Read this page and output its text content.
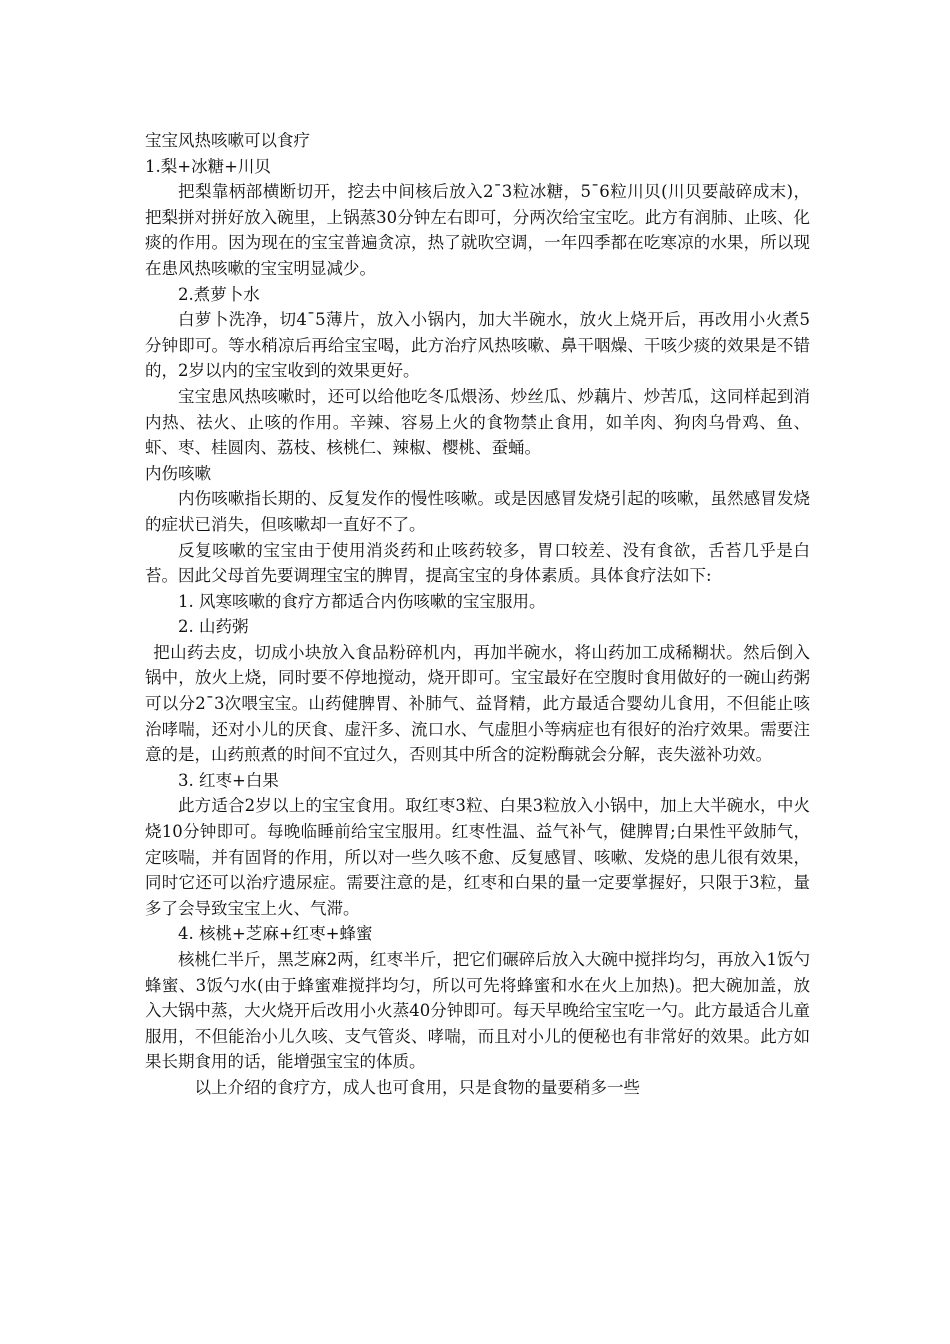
宝宝风热咳嗽可以食疗

1.梨+冰糖+川贝

把梨靠柄部横断切开，挖去中间核后放入2¯3粒冰糖，5¯6粒川贝(川贝要敲碎成末)，把梨拼对拼好放入碗里，上锅蒸30分钟左右即可，分两次给宝宝吃。此方有润肺、止咳、化痰的作用。因为现在的宝宝普遍贪凉，热了就吹空调，一年四季都在吃寒凉的水果，所以现在患风热咳嗽的宝宝明显减少。

2.煮萝卜水

白萝卜洗净，切4¯5薄片，放入小锅内，加大半碗水，放火上烧开后，再改用小火煮5分钟即可。等水稍凉后再给宝宝喝，此方治疗风热咳嗽、鼻干咽燥、干咳少痰的效果是不错的，2岁以内的宝宝收到的效果更好。

宝宝患风热咳嗽时，还可以给他吃冬瓜煨汤、炒丝瓜、炒藕片、炒苦瓜，这同样起到消内热、祛火、止咳的作用。辛辣、容易上火的食物禁止食用，如羊肉、狗肉乌骨鸡、鱼、虾、枣、桂圆肉、荔枝、核桃仁、辣椒、樱桃、蚕蛹。

内伤咳嗽

内伤咳嗽指长期的、反复发作的慢性咳嗽。或是因感冒发烧引起的咳嗽，虽然感冒发烧的症状已消失，但咳嗽却一直好不了。

反复咳嗽的宝宝由于使用消炎药和止咳药较多，胃口较差、没有食欲，舌苔几乎是白苔。因此父母首先要调理宝宝的脾胃，提高宝宝的身体素质。具体食疗法如下:

1. 风寒咳嗽的食疗方都适合内伤咳嗽的宝宝服用。

2. 山药粥

把山药去皮，切成小块放入食品粉碎机内，再加半碗水，将山药加工成稀糊状。然后倒入锅中，放火上烧，同时要不停地搅动，烧开即可。宝宝最好在空腹时食用做好的一碗山药粥可以分2¯3次喂宝宝。山药健脾胃、补肺气、益肾精，此方最适合婴幼儿食用，不但能止咳治哮喘，还对小儿的厌食、虚汗多、流口水、气虚胆小等病症也有很好的治疗效果。需要注意的是，山药煎煮的时间不宜过久，否则其中所含的淀粉酶就会分解，丧失滋补功效。

3. 红枣+白果

此方适合2岁以上的宝宝食用。取红枣3粒、白果3粒放入小锅中，加上大半碗水，中火烧10分钟即可。每晚临睡前给宝宝服用。红枣性温、益气补气，健脾胃;白果性平敛肺气，定咳喘，并有固肾的作用，所以对一些久咳不愈、反复感冒、咳嗽、发烧的患儿很有效果，同时它还可以治疗遗尿症。需要注意的是，红枣和白果的量一定要掌握好，只限于3粒，量多了会导致宝宝上火、气滞。

4. 核桃+芝麻+红枣+蜂蜜

核桃仁半斤，黑芝麻2两，红枣半斤，把它们碾碎后放入大碗中搅拌均匀，再放入1饭勺蜂蜜、3饭勺水(由于蜂蜜难搅拌均匀，所以可先将蜂蜜和水在火上加热)。把大碗加盖，放入大锅中蒸，大火烧开后改用小火蒸40分钟即可。每天早晚给宝宝吃一勺。此方最适合儿童服用，不但能治小儿久咳、支气管炎、哮喘，而且对小儿的便秘也有非常好的效果。此方如果长期食用的话，能增强宝宝的体质。

以上介绍的食疗方，成人也可食用，只是食物的量要稍多一些
